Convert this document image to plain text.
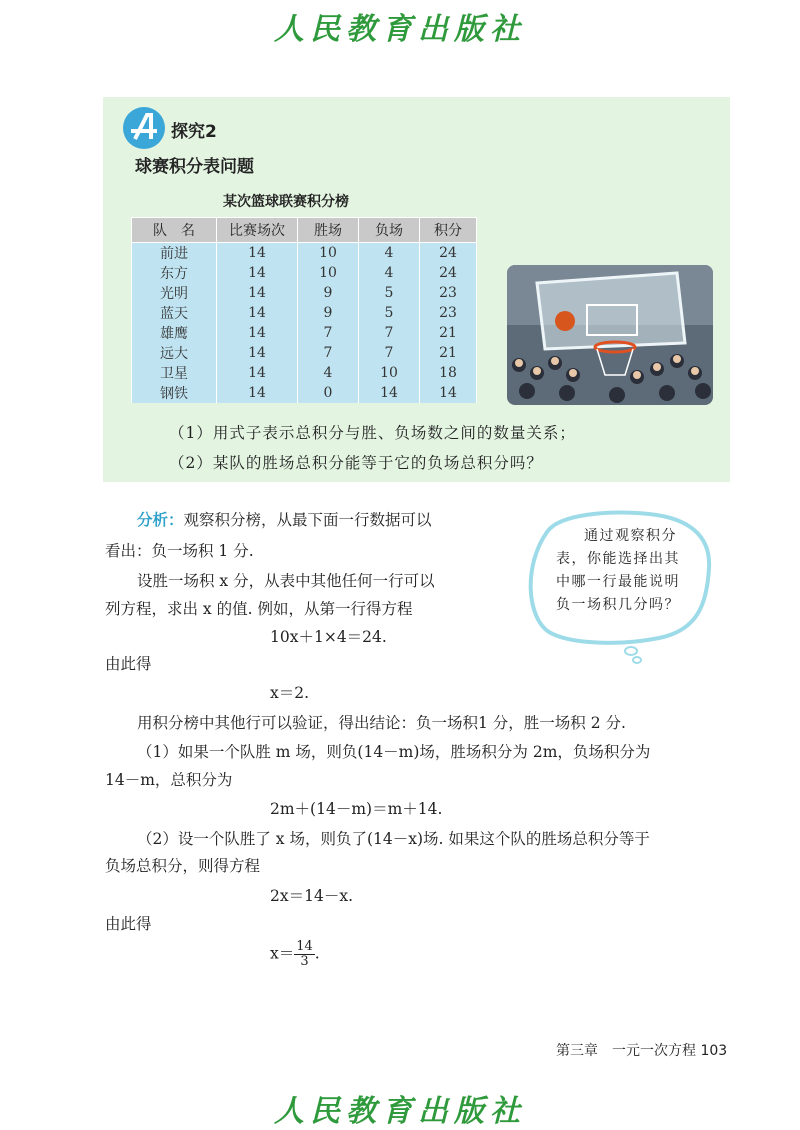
人民教育出版社
探究2
球赛积分表问题
某次篮球联赛积分榜
队　名	比赛场次	胜场	负场	积分
前进	14	10	4	24
东方	14	10	4	24
光明	14	9	5	23
蓝天	14	9	5	23
雄鹰	14	7	7	21
远大	14	7	7	21
卫星	14	4	10	18
钢铁	14	0	14	14
（1）用式子表示总积分与胜、负场数之间的数量关系；
（2）某队的胜场总积分能等于它的负场总积分吗？
通过观察积分
表，你能选择出其
中哪一行最能说明
负一场积几分吗？
分析：观察积分榜，从最下面一行数据可以
看出：负一场积 1 分.
设胜一场积 x 分，从表中其他任何一行可以
列方程，求出 x 的值. 例如，从第一行得方程
10x＋1×4＝24.
由此得
x＝2.
用积分榜中其他行可以验证，得出结论：负一场积1 分，胜一场积 2 分.
（1）如果一个队胜 m 场，则负(14－m)场，胜场积分为 2m，负场积分为
14－m，总积分为
2m＋(14－m)＝m＋14.
（2）设一个队胜了 x 场，则负了(14－x)场. 如果这个队的胜场总积分等于
负场总积分，则得方程
2x＝14－x.
由此得
$x= \frac{14}{3}$ .
第三章　一元一次方程 103
人民教育出版社
